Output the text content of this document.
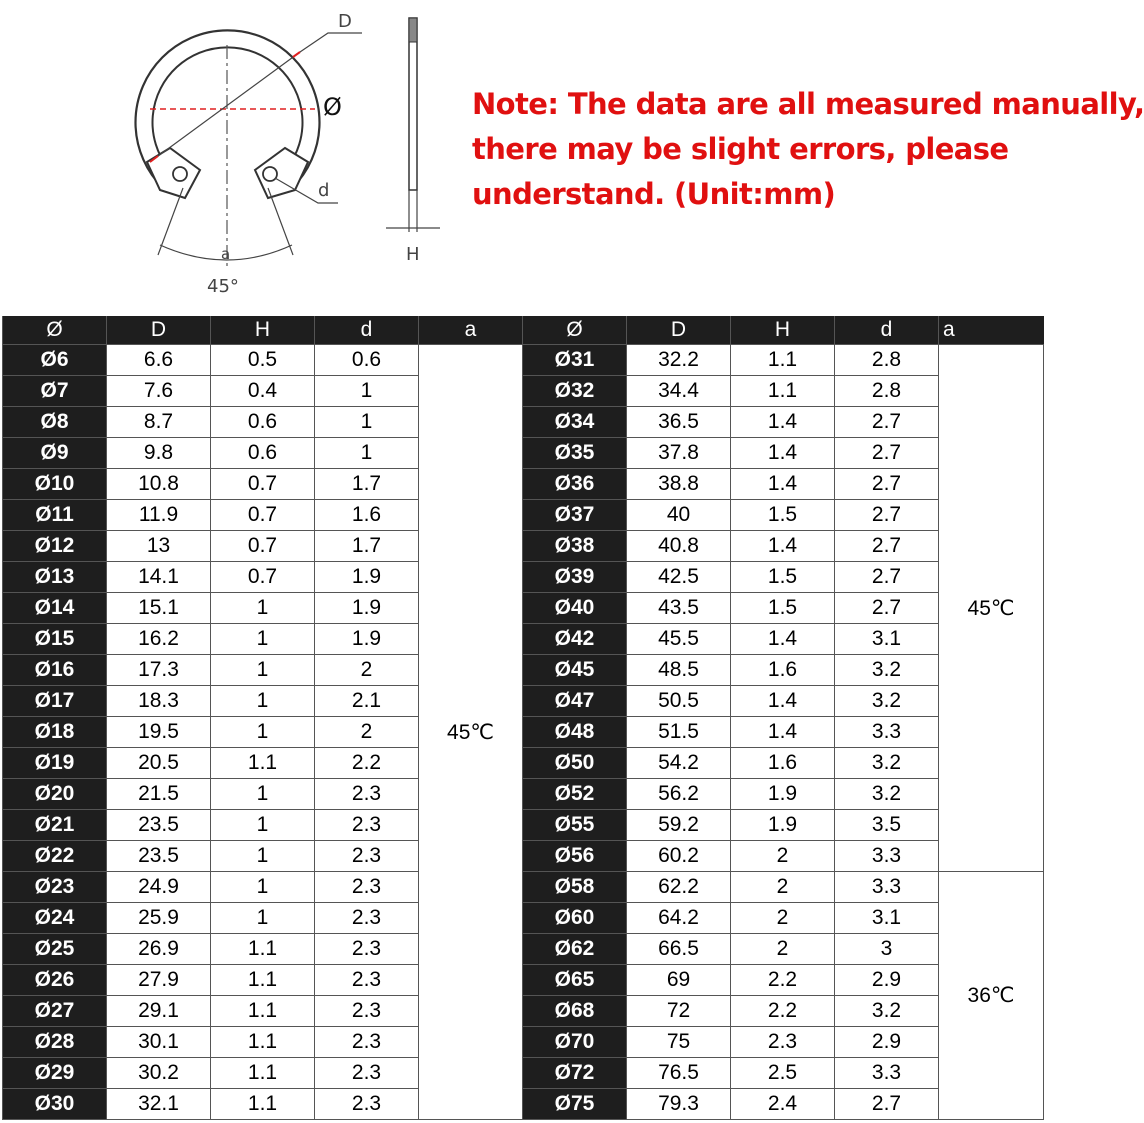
D
Ø
d
a
45°
H
Note: The data are all measured manually,
there may be slight errors, please
understand. (Unit:mm)
Ø	D	H	d	a	Ø	D	H	d	a
Ø6	6.6	0.5	0.6	45℃	Ø31	32.2	1.1	2.8	45℃
Ø7	7.6	0.4	1		Ø32	34.4	1.1	2.8	
Ø8	8.7	0.6	1		Ø34	36.5	1.4	2.7	
Ø9	9.8	0.6	1		Ø35	37.8	1.4	2.7	
Ø10	10.8	0.7	1.7		Ø36	38.8	1.4	2.7	
Ø11	11.9	0.7	1.6		Ø37	40	1.5	2.7	
Ø12	13	0.7	1.7		Ø38	40.8	1.4	2.7	
Ø13	14.1	0.7	1.9		Ø39	42.5	1.5	2.7	
Ø14	15.1	1	1.9		Ø40	43.5	1.5	2.7	
Ø15	16.2	1	1.9		Ø42	45.5	1.4	3.1	
Ø16	17.3	1	2		Ø45	48.5	1.6	3.2	
Ø17	18.3	1	2.1		Ø47	50.5	1.4	3.2	
Ø18	19.5	1	2		Ø48	51.5	1.4	3.3	
Ø19	20.5	1.1	2.2		Ø50	54.2	1.6	3.2	
Ø20	21.5	1	2.3		Ø52	56.2	1.9	3.2	
Ø21	23.5	1	2.3		Ø55	59.2	1.9	3.5	
Ø22	23.5	1	2.3		Ø56	60.2	2	3.3	
Ø23	24.9	1	2.3		Ø58	62.2	2	3.3	36℃
Ø24	25.9	1	2.3		Ø60	64.2	2	3.1	
Ø25	26.9	1.1	2.3		Ø62	66.5	2	3	
Ø26	27.9	1.1	2.3		Ø65	69	2.2	2.9	
Ø27	29.1	1.1	2.3		Ø68	72	2.2	3.2	
Ø28	30.1	1.1	2.3		Ø70	75	2.3	2.9	
Ø29	30.2	1.1	2.3		Ø72	76.5	2.5	3.3	
Ø30	32.1	1.1	2.3		Ø75	79.3	2.4	2.7	
